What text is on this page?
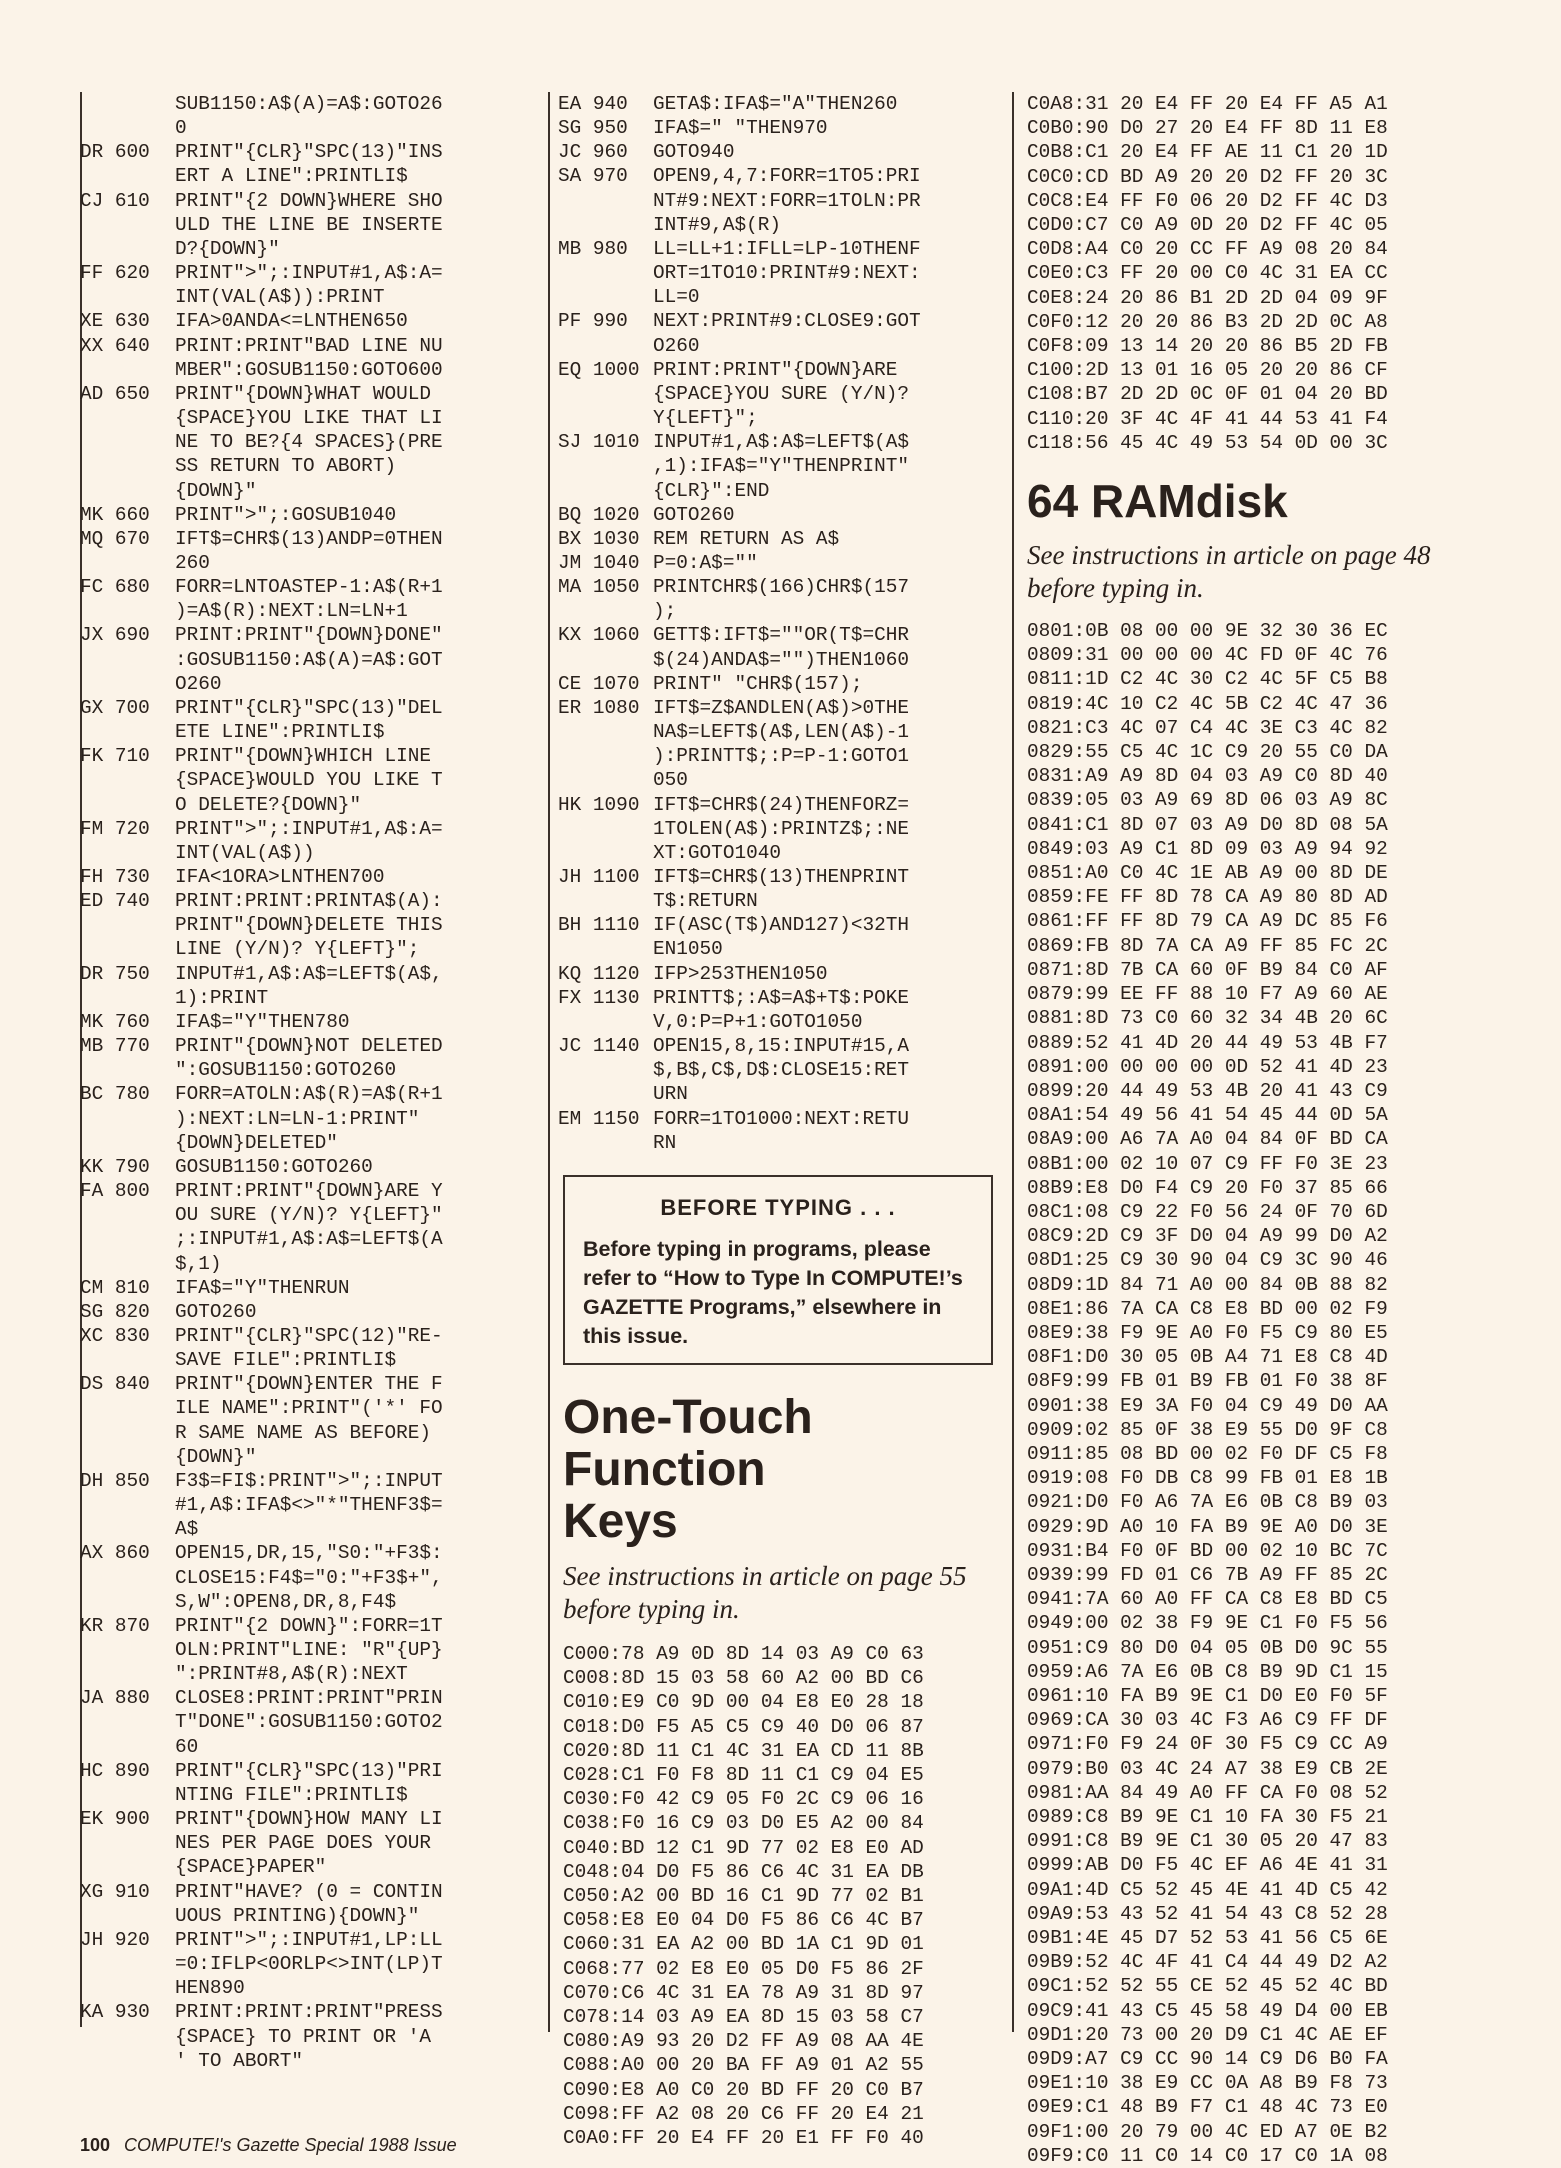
SUB1150:A$(A)=A$:GOTO26
0
DR 600	PRINT"{CLR}"SPC(13)"INS
ERT A LINE":PRINTLI$
CJ 610	PRINT"{2 DOWN}WHERE SHO
ULD THE LINE BE INSERTE
D?{DOWN}"
FF 620	PRINT">";:INPUT#1,A$:A=
INT(VAL(A$)):PRINT
XE 630	IFA>0ANDA<=LNTHEN650
XX 640	PRINT:PRINT"BAD LINE NU
MBER":GOSUB1150:GOTO600
AD 650	PRINT"{DOWN}WHAT WOULD
{SPACE}YOU LIKE THAT LI
NE TO BE?{4 SPACES}(PRE
SS RETURN TO ABORT)
{DOWN}"
MK 660	PRINT">";:GOSUB1040
MQ 670	IFT$=CHR$(13)ANDP=0THEN
260
FC 680	FORR=LNTOASTEP-1:A$(R+1
)=A$(R):NEXT:LN=LN+1
JX 690	PRINT:PRINT"{DOWN}DONE"
:GOSUB1150:A$(A)=A$:GOT
O260
GX 700	PRINT"{CLR}"SPC(13)"DEL
ETE LINE":PRINTLI$
FK 710	PRINT"{DOWN}WHICH LINE
{SPACE}WOULD YOU LIKE T
O DELETE?{DOWN}"
FM 720	PRINT">";:INPUT#1,A$:A=
INT(VAL(A$))
FH 730	IFA<1ORA>LNTHEN700
ED 740	PRINT:PRINT:PRINTA$(A):
PRINT"{DOWN}DELETE THIS
LINE (Y/N)? Y{LEFT}";
DR 750	INPUT#1,A$:A$=LEFT$(A$,
1):PRINT
MK 760	IFA$="Y"THEN780
MB 770	PRINT"{DOWN}NOT DELETED
":GOSUB1150:GOTO260
BC 780	FORR=ATOLN:A$(R)=A$(R+1
):NEXT:LN=LN-1:PRINT"
{DOWN}DELETED"
KK 790	GOSUB1150:GOTO260
FA 800	PRINT:PRINT"{DOWN}ARE Y
OU SURE (Y/N)? Y{LEFT}"
;:INPUT#1,A$:A$=LEFT$(A
$,1)
CM 810	IFA$="Y"THENRUN
SG 820	GOTO260
XC 830	PRINT"{CLR}"SPC(12)"RE-
SAVE FILE":PRINTLI$
DS 840	PRINT"{DOWN}ENTER THE F
ILE NAME":PRINT"('*' FO
R SAME NAME AS BEFORE)
{DOWN}"
DH 850	F3$=FI$:PRINT">";:INPUT
#1,A$:IFA$<>"*"THENF3$=
A$
AX 860	OPEN15,DR,15,"S0:"+F3$:
CLOSE15:F4$="0:"+F3$+",
S,W":OPEN8,DR,8,F4$
KR 870	PRINT"{2 DOWN}":FORR=1T
OLN:PRINT"LINE: "R"{UP}
":PRINT#8,A$(R):NEXT
JA 880	CLOSE8:PRINT:PRINT"PRIN
T"DONE":GOSUB1150:GOTO2
60
HC 890	PRINT"{CLR}"SPC(13)"PRI
NTING FILE":PRINTLI$
EK 900	PRINT"{DOWN}HOW MANY LI
NES PER PAGE DOES YOUR
{SPACE}PAPER"
XG 910	PRINT"HAVE? (0 = CONTIN
UOUS PRINTING){DOWN}"
JH 920	PRINT">";:INPUT#1,LP:LL
=0:IFLP<0ORLP<>INT(LP)T
HEN890
KA 930	PRINT:PRINT:PRINT"PRESS
{SPACE} TO PRINT OR 'A
' TO ABORT"
EA 940	GETA$:IFA$="A"THEN260
SG 950	IFA$=" "THEN970
JC 960	GOTO940
SA 970	OPEN9,4,7:FORR=1TO5:PRI
NT#9:NEXT:FORR=1TOLN:PR
INT#9,A$(R)
MB 980	LL=LL+1:IFLL=LP-10THENF
ORT=1TO10:PRINT#9:NEXT:
LL=0
PF 990	NEXT:PRINT#9:CLOSE9:GOT
O260
EQ 1000 PRINT:PRINT"{DOWN}ARE
{SPACE}YOU SURE (Y/N)?
Y{LEFT}";
SJ 1010 INPUT#1,A$:A$=LEFT$(A$
,1):IFA$="Y"THENPRINT"
{CLR}":END
BQ 1020 GOTO260
BX 1030 REM RETURN AS A$
JM 1040 P=0:A$=""
MA 1050 PRINTCHR$(166)CHR$(157
);
KX 1060 GETT$:IFT$=""OR(T$=CHR
$(24)ANDA$="")THEN1060
CE 1070 PRINT" "CHR$(157);
ER 1080 IFT$=Z$ANDLEN(A$)>0THE
NA$=LEFT$(A$,LEN(A$)-1
):PRINTT$;:P=P-1:GOTO1
050
HK 1090 IFT$=CHR$(24)THENFORZ=
1TOLEN(A$):PRINTZ$;:NE
XT:GOTO1040
JH 1100 IFT$=CHR$(13)THENPRINT
T$:RETURN
BH 1110 IF(ASC(T$)AND127)<32TH
EN1050
KQ 1120 IFP>253THEN1050
FX 1130 PRINTT$;:A$=A$+T$:POKE
V,0:P=P+1:GOTO1050
JC 1140 OPEN15,8,15:INPUT#15,A
$,B$,C$,D$:CLOSE15:RET
URN
EM 1150 FORR=1TO1000:NEXT:RETU
RN
BEFORE TYPING . . .
Before typing in programs, please refer to “How to Type In COMPUTE!’s GAZETTE Programs,” elsewhere in this issue.
One-Touch Function Keys
See instructions in article on page 55 before typing in.
C000:78 A9 0D 8D 14 03 A9 C0 63
C008:8D 15 03 58 60 A2 00 BD C6
C010:E9 C0 9D 00 04 E8 E0 28 18
C018:D0 F5 A5 C5 C9 40 D0 06 87
C020:8D 11 C1 4C 31 EA CD 11 8B
C028:C1 F0 F8 8D 11 C1 C9 04 E5
C030:F0 42 C9 05 F0 2C C9 06 16
C038:F0 16 C9 03 D0 E5 A2 00 84
C040:BD 12 C1 9D 77 02 E8 E0 AD
C048:04 D0 F5 86 C6 4C 31 EA DB
C050:A2 00 BD 16 C1 9D 77 02 B1
C058:E8 E0 04 D0 F5 86 C6 4C B7
C060:31 EA A2 00 BD 1A C1 9D 01
C068:77 02 E8 E0 05 D0 F5 86 2F
C070:C6 4C 31 EA 78 A9 31 8D 97
C078:14 03 A9 EA 8D 15 03 58 C7
C080:A9 93 20 D2 FF A9 08 AA 4E
C088:A0 00 20 BA FF A9 01 A2 55
C090:E8 A0 C0 20 BD FF 20 C0 B7
C098:FF A2 08 20 C6 FF 20 E4 21
C0A0:FF 20 E4 FF 20 E1 FF F0 40
C0A8:31 20 E4 FF 20 E4 FF A5 A1
C0B0:90 D0 27 20 E4 FF 8D 11 E8
C0B8:C1 20 E4 FF AE 11 C1 20 1D
C0C0:CD BD A9 20 20 D2 FF 20 3C
C0C8:E4 FF F0 06 20 D2 FF 4C D3
C0D0:C7 C0 A9 0D 20 D2 FF 4C 05
C0D8:A4 C0 20 CC FF A9 08 20 84
C0E0:C3 FF 20 00 C0 4C 31 EA CC
C0E8:24 20 86 B1 2D 2D 04 09 9F
C0F0:12 20 20 86 B3 2D 2D 0C A8
C0F8:09 13 14 20 20 86 B5 2D FB
C100:2D 13 01 16 05 20 20 86 CF
C108:B7 2D 2D 0C 0F 01 04 20 BD
C110:20 3F 4C 4F 41 44 53 41 F4
C118:56 45 4C 49 53 54 0D 00 3C
64 RAMdisk
See instructions in article on page 48 before typing in.
0801:0B 08 00 00 9E 32 30 36 EC
0809:31 00 00 00 4C FD 0F 4C 76
0811:1D C2 4C 30 C2 4C 5F C5 B8
0819:4C 10 C2 4C 5B C2 4C 47 36
0821:C3 4C 07 C4 4C 3E C3 4C 82
0829:55 C5 4C 1C C9 20 55 C0 DA
0831:A9 A9 8D 04 03 A9 C0 8D 40
0839:05 03 A9 69 8D 06 03 A9 8C
0841:C1 8D 07 03 A9 D0 8D 08 5A
0849:03 A9 C1 8D 09 03 A9 94 92
0851:A0 C0 4C 1E AB A9 00 8D DE
0859:FE FF 8D 78 CA A9 80 8D AD
0861:FF FF 8D 79 CA A9 DC 85 F6
0869:FB 8D 7A CA A9 FF 85 FC 2C
0871:8D 7B CA 60 0F B9 84 C0 AF
0879:99 EE FF 88 10 F7 A9 60 AE
0881:8D 73 C0 60 32 34 4B 20 6C
0889:52 41 4D 20 44 49 53 4B F7
0891:00 00 00 00 0D 52 41 4D 23
0899:20 44 49 53 4B 20 41 43 C9
08A1:54 49 56 41 54 45 44 0D 5A
08A9:00 A6 7A A0 04 84 0F BD CA
08B1:00 02 10 07 C9 FF F0 3E 23
08B9:E8 D0 F4 C9 20 F0 37 85 66
08C1:08 C9 22 F0 56 24 0F 70 6D
08C9:2D C9 3F D0 04 A9 99 D0 A2
08D1:25 C9 30 90 04 C9 3C 90 46
08D9:1D 84 71 A0 00 84 0B 88 82
08E1:86 7A CA C8 E8 BD 00 02 F9
08E9:38 F9 9E A0 F0 F5 C9 80 E5
08F1:D0 30 05 0B A4 71 E8 C8 4D
08F9:99 FB 01 B9 FB 01 F0 38 8F
0901:38 E9 3A F0 04 C9 49 D0 AA
0909:02 85 0F 38 E9 55 D0 9F C8
0911:85 08 BD 00 02 F0 DF C5 F8
0919:08 F0 DB C8 99 FB 01 E8 1B
0921:D0 F0 A6 7A E6 0B C8 B9 03
0929:9D A0 10 FA B9 9E A0 D0 3E
0931:B4 F0 0F BD 00 02 10 BC 7C
0939:99 FD 01 C6 7B A9 FF 85 2C
0941:7A 60 A0 FF CA C8 E8 BD C5
0949:00 02 38 F9 9E C1 F0 F5 56
0951:C9 80 D0 04 05 0B D0 9C 55
0959:A6 7A E6 0B C8 B9 9D C1 15
0961:10 FA B9 9E C1 D0 E0 F0 5F
0969:CA 30 03 4C F3 A6 C9 FF DF
0971:F0 F9 24 0F 30 F5 C9 CC A9
0979:B0 03 4C 24 A7 38 E9 CB 2E
0981:AA 84 49 A0 FF CA F0 08 52
0989:C8 B9 9E C1 10 FA 30 F5 21
0991:C8 B9 9E C1 30 05 20 47 83
0999:AB D0 F5 4C EF A6 4E 41 31
09A1:4D C5 52 45 4E 41 4D C5 42
09A9:53 43 52 41 54 43 C8 52 28
09B1:4E 45 D7 52 53 41 56 C5 6E
09B9:52 4C 4F 41 C4 44 49 D2 A2
09C1:52 52 55 CE 52 45 52 4C BD
09C9:41 43 C5 45 58 49 D4 00 EB
09D1:20 73 00 20 D9 C1 4C AE EF
09D9:A7 C9 CC 90 14 C9 D6 B0 FA
09E1:10 38 E9 CC 0A A8 B9 F8 73
09E9:C1 48 B9 F7 C1 48 4C 73 E0
09F1:00 20 79 00 4C ED A7 0E B2
09F9:C0 11 C0 14 C0 17 C0 1A 08
100 COMPUTE!'s Gazette Special 1988 Issue
